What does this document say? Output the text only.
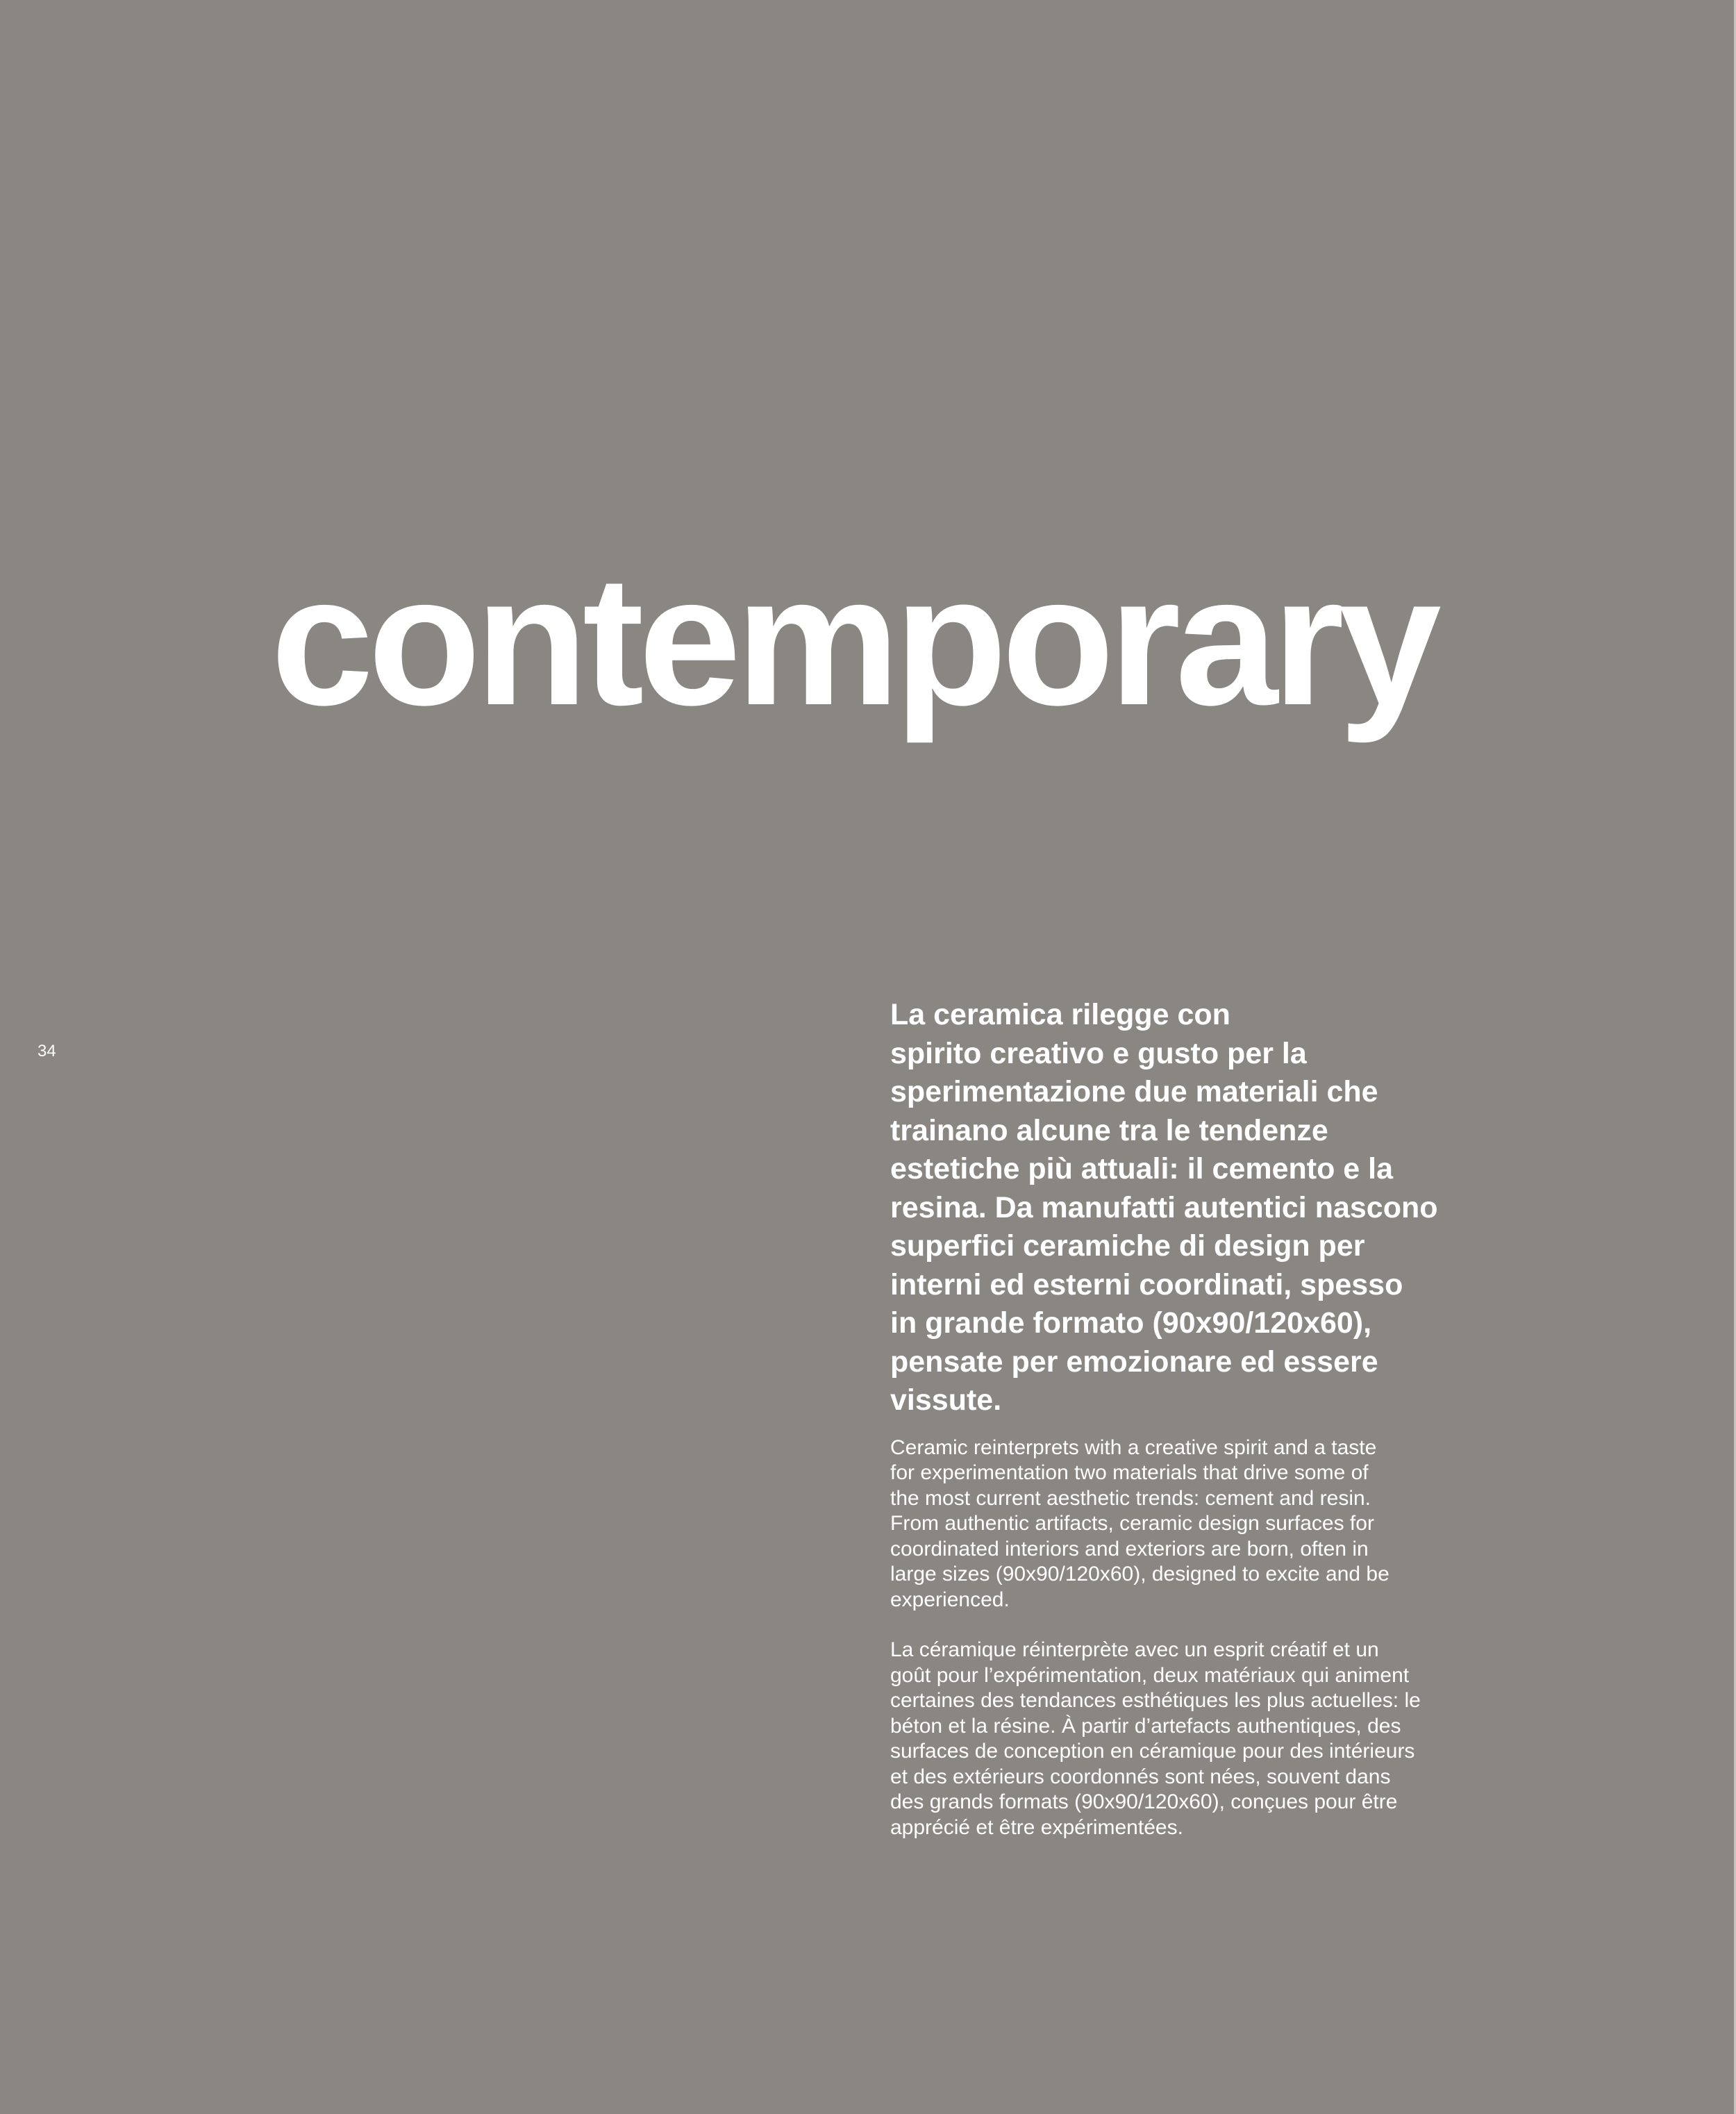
contemporary
34

La ceramica rilegge con
spirito creativo e gusto per la
sperimentazione due materiali che
trainano alcune tra le tendenze
estetiche più attuali: il cemento e la
resina. Da manufatti autentici nascono
superfici ceramiche di design per
interni ed esterni coordinati, spesso
in grande formato (90x90/120x60),
pensate per emozionare ed essere
vissute.

Ceramic reinterprets with a creative spirit and a taste
for experimentation two materials that drive some of
the most current aesthetic trends: cement and resin.
From authentic artifacts, ceramic design surfaces for
coordinated interiors and exteriors are born, often in
large sizes (90x90/120x60), designed to excite and be
experienced.

La céramique réinterprète avec un esprit créatif et un
goût pour l’expérimentation, deux matériaux qui animent
certaines des tendances esthétiques les plus actuelles: le
béton et la résine. À partir d’artefacts authentiques, des
surfaces de conception en céramique pour des intérieurs
et des extérieurs coordonnés sont nées, souvent dans
des grands formats (90x90/120x60), conçues pour être
apprécié et être expérimentées.
